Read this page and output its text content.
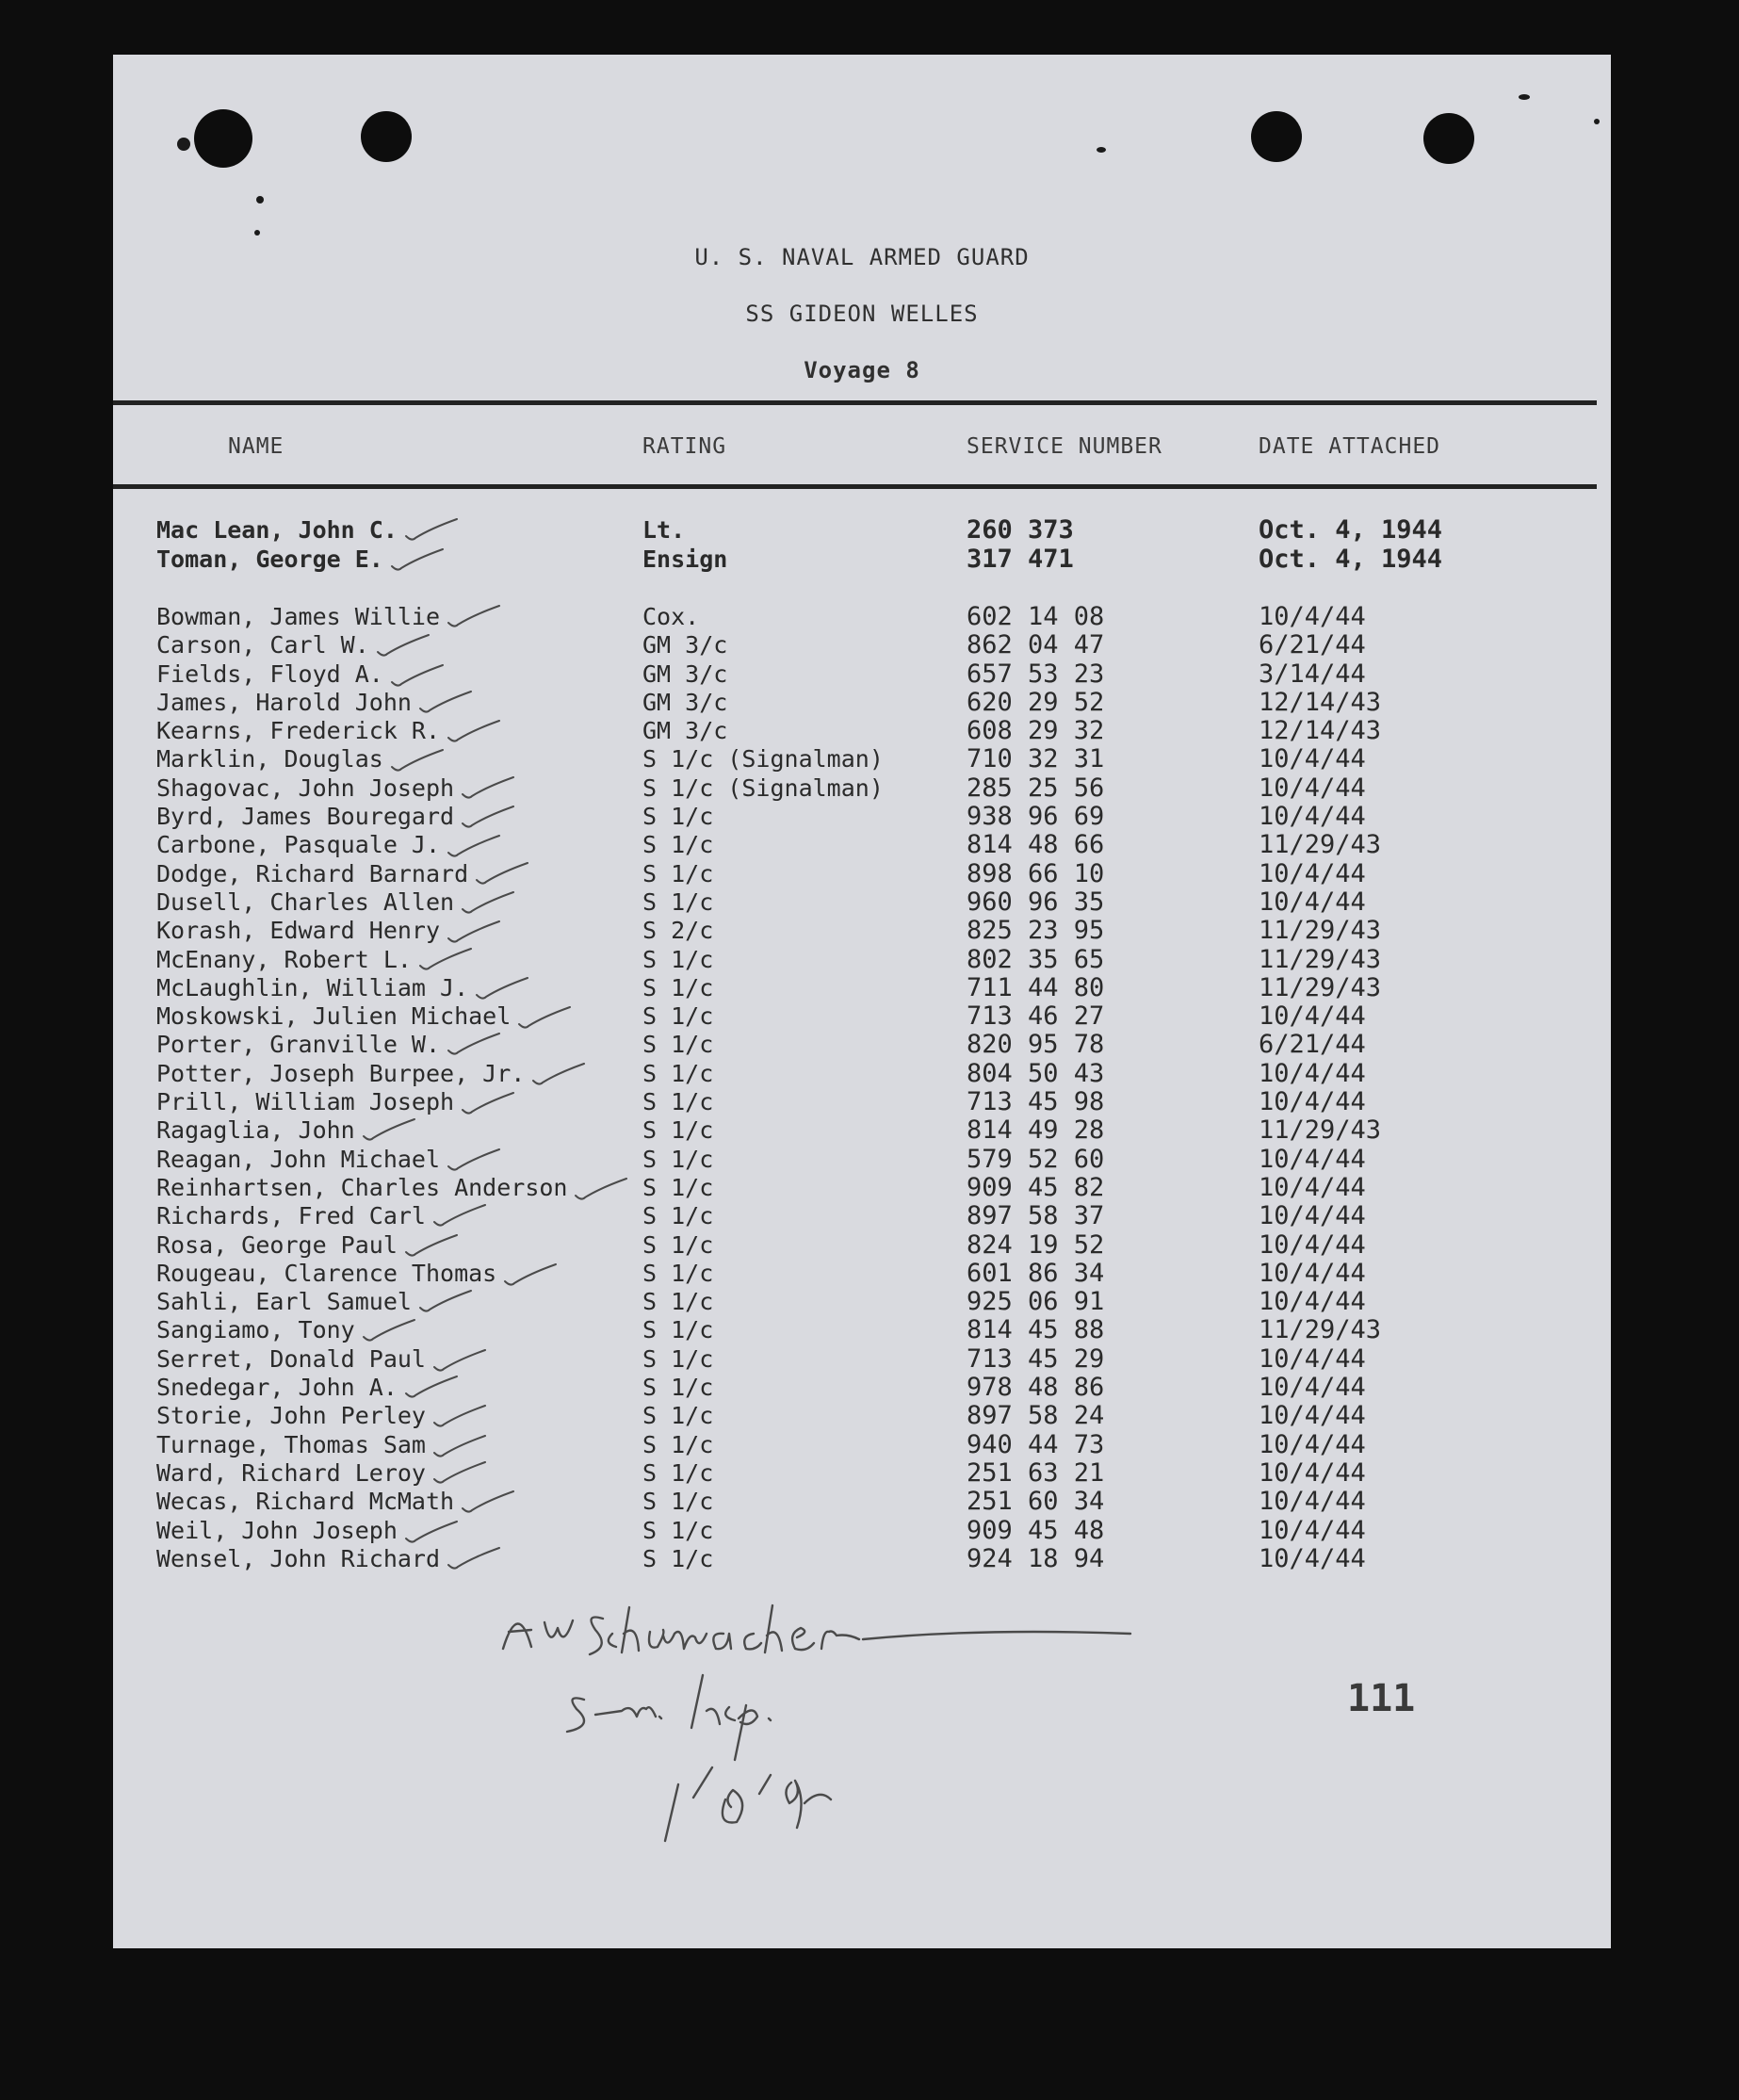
U. S. NAVAL ARMED GUARD
SS GIDEON WELLES
Voyage 8
NAME	RATING	SERVICE NUMBER	DATE ATTACHED
Mac Lean, John C.	Lt.	260 373	Oct. 4, 1944
Toman, George E.	Ensign	317 471	Oct. 4, 1944
Bowman, James Willie	Cox.	602 14 08	10/4/44
Carson, Carl W.	GM 3/c	862 04 47	6/21/44
Fields, Floyd A.	GM 3/c	657 53 23	3/14/44
James, Harold John	GM 3/c	620 29 52	12/14/43
Kearns, Frederick R.	GM 3/c	608 29 32	12/14/43
Marklin, Douglas	S 1/c (Signalman)	710 32 31	10/4/44
Shagovac, John Joseph	S 1/c (Signalman)	285 25 56	10/4/44
Byrd, James Bouregard	S 1/c	938 96 69	10/4/44
Carbone, Pasquale J.	S 1/c	814 48 66	11/29/43
Dodge, Richard Barnard	S 1/c	898 66 10	10/4/44
Dusell, Charles Allen	S 1/c	960 96 35	10/4/44
Korash, Edward Henry	S 2/c	825 23 95	11/29/43
McEnany, Robert L.	S 1/c	802 35 65	11/29/43
McLaughlin, William J.	S 1/c	711 44 80	11/29/43
Moskowski, Julien Michael	S 1/c	713 46 27	10/4/44
Porter, Granville W.	S 1/c	820 95 78	6/21/44
Potter, Joseph Burpee, Jr.	S 1/c	804 50 43	10/4/44
Prill, William Joseph	S 1/c	713 45 98	10/4/44
Ragaglia, John	S 1/c	814 49 28	11/29/43
Reagan, John Michael	S 1/c	579 52 60	10/4/44
Reinhartsen, Charles Anderson	S 1/c	909 45 82	10/4/44
Richards, Fred Carl	S 1/c	897 58 37	10/4/44
Rosa, George Paul	S 1/c	824 19 52	10/4/44
Rougeau, Clarence Thomas	S 1/c	601 86 34	10/4/44
Sahli, Earl Samuel	S 1/c	925 06 91	10/4/44
Sangiamo, Tony	S 1/c	814 45 88	11/29/43
Serret, Donald Paul	S 1/c	713 45 29	10/4/44
Snedegar, John A.	S 1/c	978 48 86	10/4/44
Storie, John Perley	S 1/c	897 58 24	10/4/44
Turnage, Thomas Sam	S 1/c	940 44 73	10/4/44
Ward, Richard Leroy	S 1/c	251 63 21	10/4/44
Wecas, Richard McMath	S 1/c	251 60 34	10/4/44
Weil, John Joseph	S 1/c	909 45 48	10/4/44
Wensel, John Richard	S 1/c	924 18 94	10/4/44
A W Schumacher
Imm. Insp.
1/20/45
111
